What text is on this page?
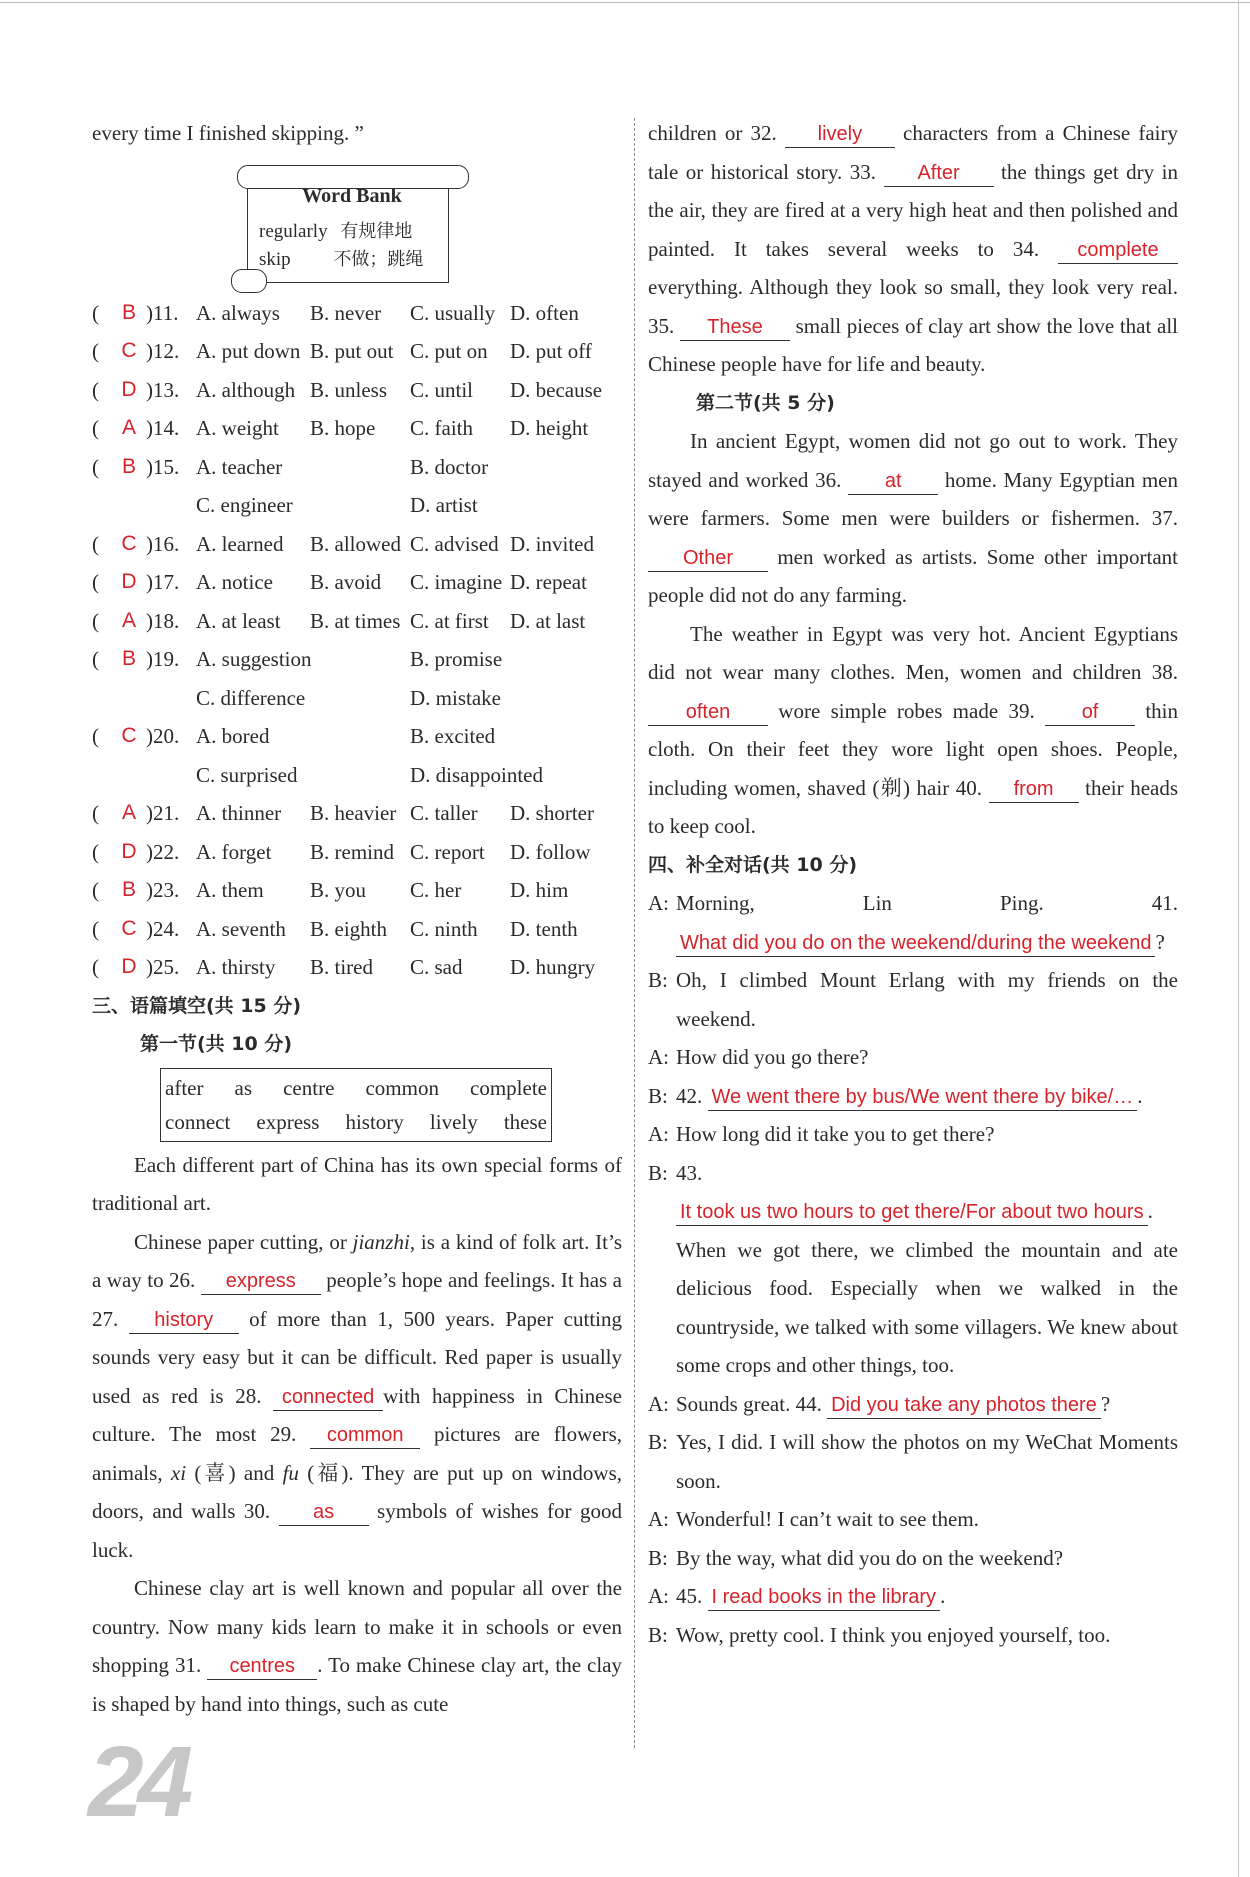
every time I finished skipping. ”

Word Bank
regularly 有规律地
skip 不做；跳绳
(	B )11. A. always B. never C. usually D. often
(	C )12. A. put down B. put out C. put on D. put off
(	D )13. A. although B. unless C. until D. because
(	A )14. A. weight B. hope C. faith D. height
(	B )15. A. teacher	B. doctor
C. engineer	D. artist
(	C )16. A. learned B. allowed C. advised D. invited
(	D )17. A. notice B. avoid C. imagine D. repeat
(	A )18. A. at least B. at times C. at first D. at last
(	B )19. A. suggestion	B. promise
C. difference	D. mistake
(	C )20. A. bored	B. excited
C. surprised	D. disappointed
(	A )21. A. thinner B. heavier C. taller D. shorter
(	D )22. A. forget B. remind C. report D. follow
(	B )23. A. them B. you C. her D. him
(	C )24. A. seventh B. eighth C. ninth D. tenth
(	D )25. A. thirsty B. tired C. sad D. hungry
三、语篇填空(共 15 分)
第一节(共 10 分)
after as centre common complete
connect express history lively these

Each different part of China has its own special forms of traditional art.

Chinese paper cutting, or jianzhi, is a kind of folk art. It’s a way to 26. express people’s hope and feelings. It has a 27. history of more than 1, 500 years. Paper cutting sounds very easy but it can be difficult. Red paper is usually used as red is 28. connected with happiness in Chinese culture. The most 29. common pictures are flowers, animals, xi (喜) and fu (福). They are put up on windows, doors, and walls 30. as symbols of wishes for good luck.

Chinese clay art is well known and popular all over the country. Now many kids learn to make it in schools or even shopping 31. centres . To make Chinese clay art, the clay is shaped by hand into things, such as cute

children or 32. lively characters from a Chinese fairy tale or historical story. 33. After the things get dry in the air, they are fired at a very high heat and then polished and painted. It takes several weeks to 34. complete everything. Although they look so small, they look very real. 35. These small pieces of clay art show the love that all Chinese people have for life and beauty.

第二节(共 5 分)

In ancient Egypt, women did not go out to work. They stayed and worked 36. at home. Many Egyptian men were farmers. Some men were builders or fishermen. 37. Other men worked as artists. Some other important people did not do any farming.

The weather in Egypt was very hot. Ancient Egyptians did not wear many clothes. Men, women and children 38. often wore simple robes made 39. of thin cloth. On their feet they wore light open shoes. People, including women, shaved (剃) hair 40. from their heads to keep cool.

四、补全对话(共 10 分)
A: Morning, Lin Ping. 41. What did you do on the weekend/during the weekend ?
B: Oh, I climbed Mount Erlang with my friends on the weekend.
A: How did you go there?
B: 42. We went there by bus/We went there by bike/… .
A: How long did it take you to get there?
B: 43. It took us two hours to get there/For about two hours . When we got there, we climbed the mountain and ate delicious food. Especially when we walked in the countryside, we talked with some villagers. We knew about some crops and other things, too.
A: Sounds great. 44. Did you take any photos there ?
B: Yes, I did. I will show the photos on my WeChat Moments soon.
A: Wonderful! I can’t wait to see them.
B: By the way, what did you do on the weekend?
A: 45. I read books in the library .
B: Wow, pretty cool. I think you enjoyed yourself, too.
24
